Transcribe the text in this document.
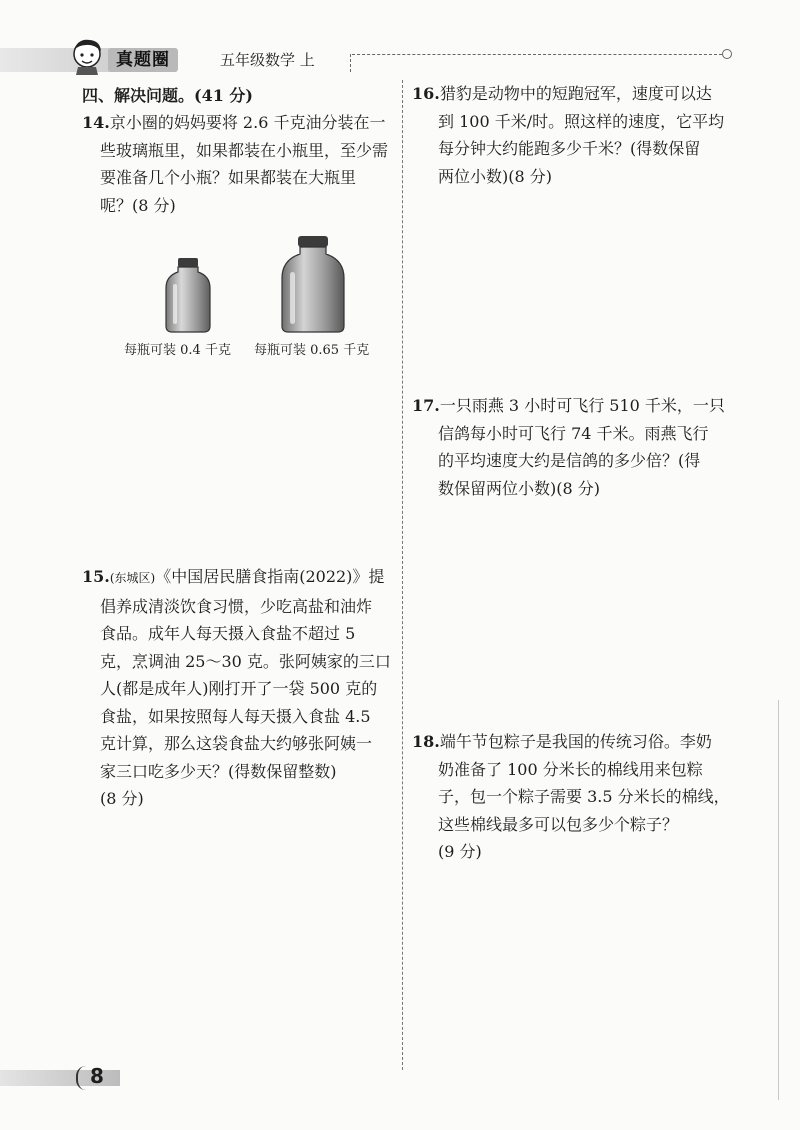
真题圈	五年级数学 上
四、解决问题。(41 分)
14.京小圈的妈妈要将 2.6 千克油分装在一
些玻璃瓶里，如果都装在小瓶里，至少需
要准备几个小瓶？如果都装在大瓶里
呢？(8 分)
每瓶可装 0.4 千克 每瓶可装 0.65 千克
15.(东城区)《中国居民膳食指南(2022)》提
倡养成清淡饮食习惯，少吃高盐和油炸
食品。成年人每天摄入食盐不超过 5
克，烹调油 25～30 克。张阿姨家的三口
人(都是成年人)刚打开了一袋 500 克的
食盐，如果按照每人每天摄入食盐 4.5
克计算，那么这袋食盐大约够张阿姨一
家三口吃多少天？(得数保留整数)
(8 分)
16.猎豹是动物中的短跑冠军，速度可以达
到 100 千米/时。照这样的速度，它平均
每分钟大约能跑多少千米？(得数保留
两位小数)(8 分)
17.一只雨燕 3 小时可飞行 510 千米，一只
信鸽每小时可飞行 74 千米。雨燕飞行
的平均速度大约是信鸽的多少倍？(得
数保留两位小数)(8 分)
18.端午节包粽子是我国的传统习俗。李奶
奶准备了 100 分米长的棉线用来包粽
子，包一个粽子需要 3.5 分米长的棉线，
这些棉线最多可以包多少个粽子？
(9 分)
8
